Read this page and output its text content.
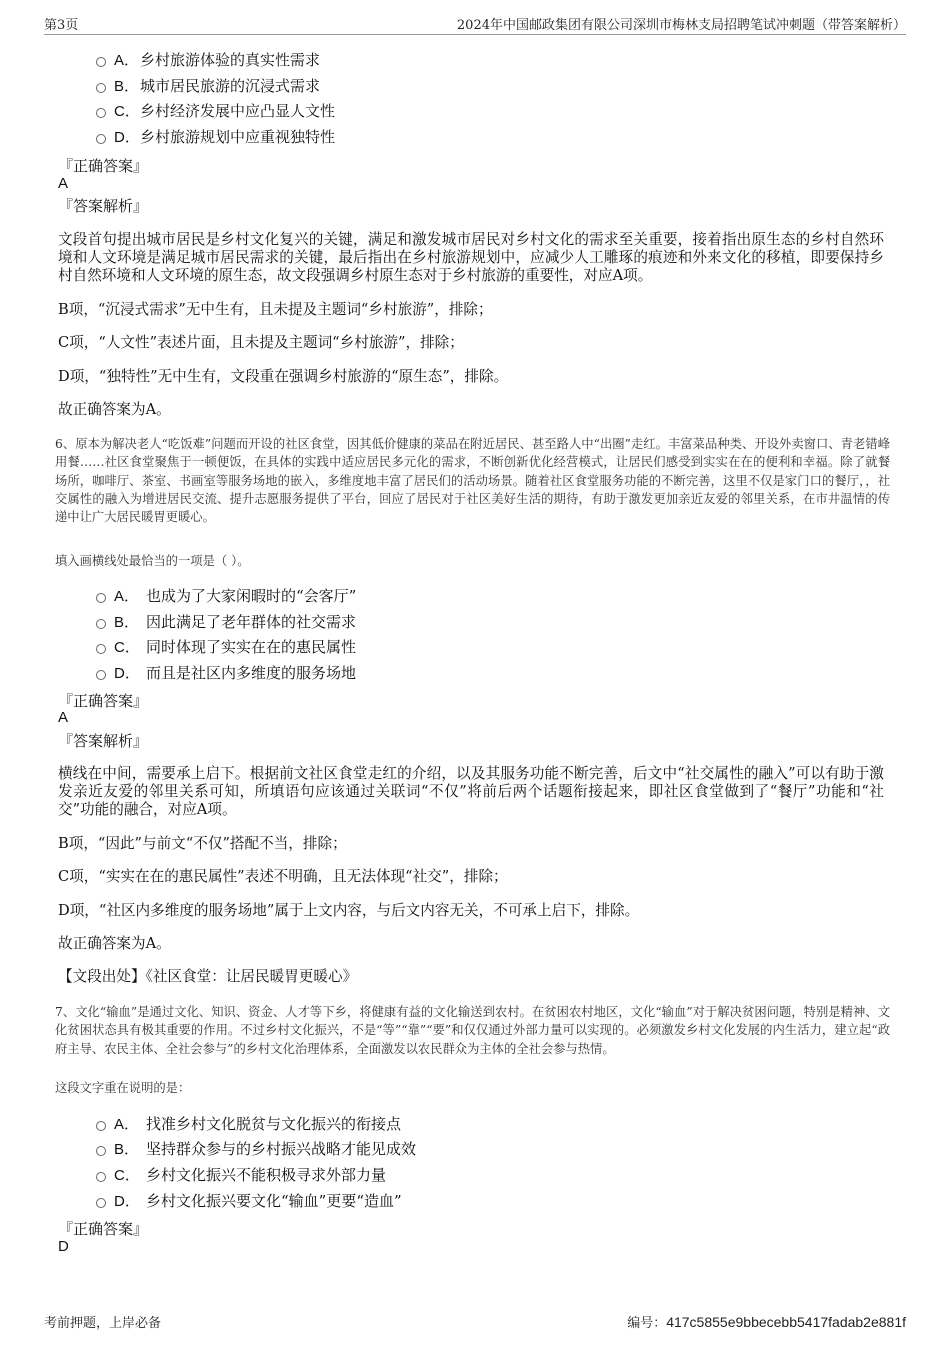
第3页	2024年中国邮政集团有限公司深圳市梅林支局招聘笔试冲刺题（带答案解析）
A． 乡村旅游体验的真实性需求
B． 城市居民旅游的沉浸式需求
C． 乡村经济发展中应凸显人文性
D． 乡村旅游规划中应重视独特性
『正确答案』
A
『答案解析』
文段首句提出城市居民是乡村文化复兴的关键，满足和激发城市居民对乡村文化的需求至关重要，接着指出原生态的乡村自然环境和人文环境是满足城市居民需求的关键，最后指出在乡村旅游规划中，应减少人工雕琢的痕迹和外来文化的移植，即要保持乡村自然环境和人文环境的原生态，故文段强调乡村原生态对于乡村旅游的重要性，对应A项。
B项，“沉浸式需求”无中生有，且未提及主题词“乡村旅游”，排除；
C项，“人文性”表述片面，且未提及主题词“乡村旅游”，排除；
D项，“独特性”无中生有，文段重在强调乡村旅游的“原生态”，排除。
故正确答案为A。
6、原本为解决老人“吃饭难”问题而开设的社区食堂，因其低价健康的菜品在附近居民、甚至路人中“出圈”走红。丰富菜品种类、开设外卖窗口、青老错峰用餐……社区食堂聚焦于一顿便饭，在具体的实践中适应居民多元化的需求，不断创新优化经营模式，让居民们感受到实实在在的便利和幸福。除了就餐场所，咖啡厅、茶室、书画室等服务场地的嵌入，多维度地丰富了居民们的活动场景。随着社区食堂服务功能的不断完善，这里不仅是家门口的餐厅，，社交属性的融入为增进居民交流、提升志愿服务提供了平台，回应了居民对于社区美好生活的期待，有助于激发更加亲近友爱的邻里关系，在市井温情的传递中让广大居民暖胃更暖心。
填入画横线处最恰当的一项是（ ）。
A． 也成为了大家闲暇时的“会客厅”
B． 因此满足了老年群体的社交需求
C． 同时体现了实实在在的惠民属性
D． 而且是社区内多维度的服务场地
『正确答案』
A
『答案解析』
横线在中间，需要承上启下。根据前文社区食堂走红的介绍，以及其服务功能不断完善，后文中“社交属性的融入”可以有助于激发亲近友爱的邻里关系可知，所填语句应该通过关联词“不仅”将前后两个话题衔接起来，即社区食堂做到了“餐厅”功能和“社交”功能的融合，对应A项。
B项，“因此”与前文“不仅”搭配不当，排除；
C项，“实实在在的惠民属性”表述不明确，且无法体现“社交”，排除；
D项，“社区内多维度的服务场地”属于上文内容，与后文内容无关，不可承上启下，排除。
故正确答案为A。
【文段出处】《社区食堂：让居民暖胃更暖心》
7、文化“输血”是通过文化、知识、资金、人才等下乡，将健康有益的文化输送到农村。在贫困农村地区，文化“输血”对于解决贫困问题，特别是精神、文化贫困状态具有极其重要的作用。不过乡村文化振兴，不是“等”“靠”“要”和仅仅通过外部力量可以实现的。必须激发乡村文化发展的内生活力，建立起“政府主导、农民主体、全社会参与”的乡村文化治理体系，全面激发以农民群众为主体的全社会参与热情。
这段文字重在说明的是：
A． 找准乡村文化脱贫与文化振兴的衔接点
B． 坚持群众参与的乡村振兴战略才能见成效
C． 乡村文化振兴不能积极寻求外部力量
D． 乡村文化振兴要文化“输血”更要“造血”
『正确答案』
D
考前押题，上岸必备	编号：417c5855e9bbecebb5417fadab2e881f
